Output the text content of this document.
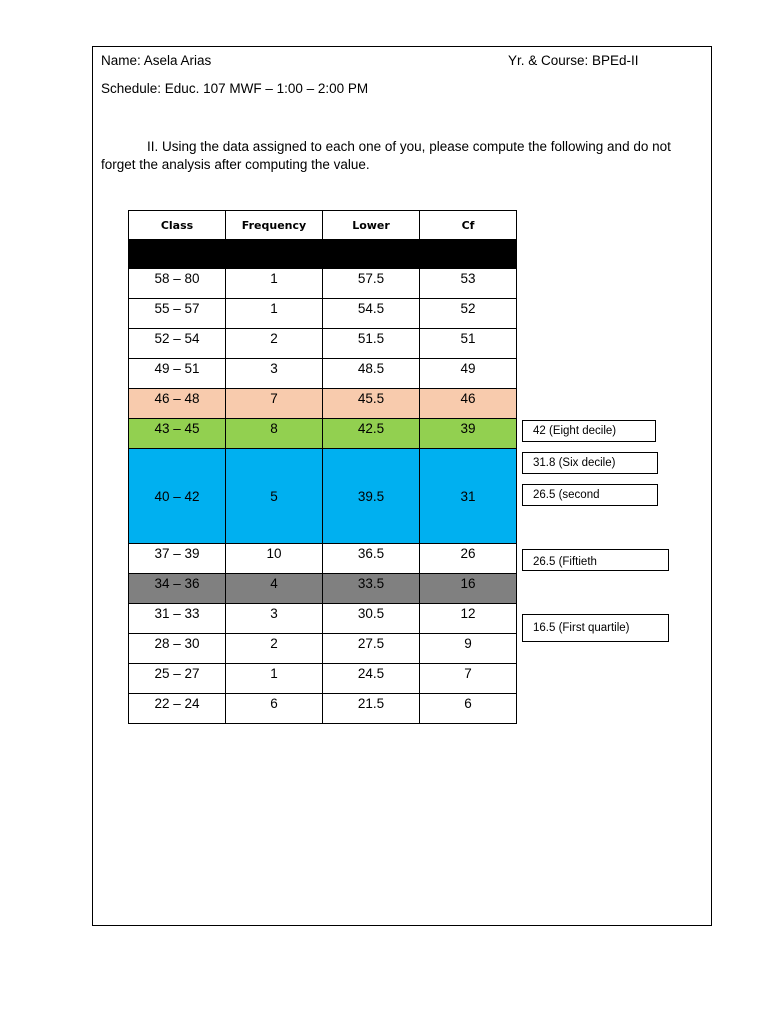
Name: Asela Arias	Yr. & Course: BPEd-II
Schedule: Educ. 107 MWF – 1:00 – 2:00 PM
II. Using the data assigned to each one of you, please compute the following and do not forget the analysis after computing the value.
Class	Frequency	Lower	Cf

58 – 80	1	57.5	53
55 – 57	1	54.5	52
52 – 54	2	51.5	51
49 – 51	3	48.5	49
46 – 48	7	45.5	46
43 – 45	8	42.5	39
40 – 42	5	39.5	31
37 – 39	10	36.5	26
34 – 36	4	33.5	16
31 – 33	3	30.5	12
28 – 30	2	27.5	9
25 – 27	1	24.5	7
22 – 24	6	21.5	6
42 (Eight decile)
31.8 (Six decile)
26.5 (second
26.5 (Fiftieth
16.5 (First quartile)
